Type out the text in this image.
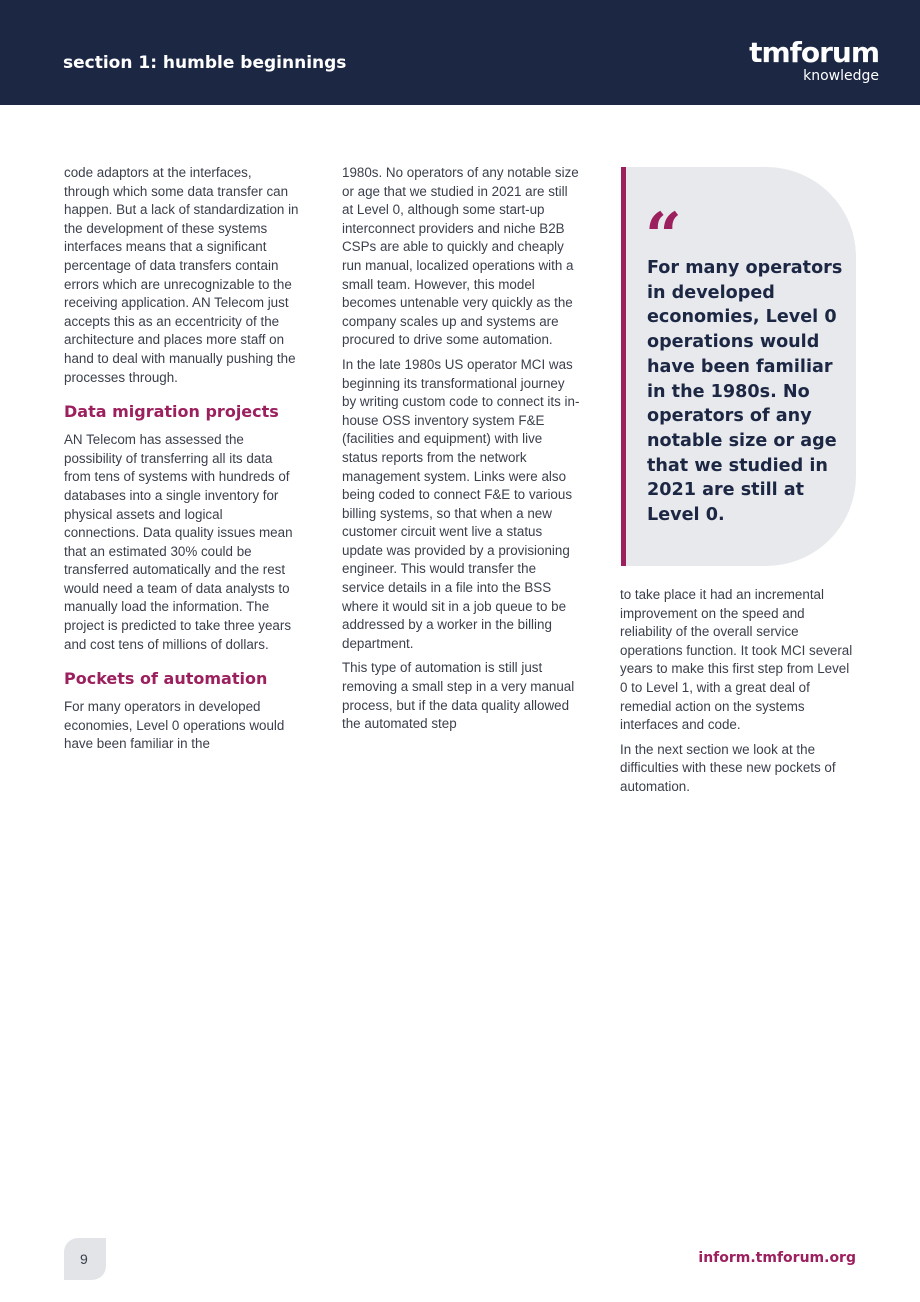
section 1: humble beginnings	tmforum
knowledge

code adaptors at the interfaces, through which some data transfer can happen. But a lack of standardization in the development of these systems interfaces means that a significant percentage of data transfers contain errors which are unrecognizable to the receiving application. AN Telecom just accepts this as an eccentricity of the architecture and places more staff on hand to deal with manually pushing the processes through.

Data migration projects

AN Telecom has assessed the possibility of transferring all its data from tens of systems with hundreds of databases into a single inventory for physical assets and logical connections. Data quality issues mean that an estimated 30% could be transferred automatically and the rest would need a team of data analysts to manually load the information. The project is predicted to take three years and cost tens of millions of dollars.

Pockets of automation

For many operators in developed economies, Level 0 operations would have been familiar in the

1980s. No operators of any notable size or age that we studied in 2021 are still at Level 0, although some start-up interconnect providers and niche B2B CSPs are able to quickly and cheaply run manual, localized operations with a small team. However, this model becomes untenable very quickly as the company scales up and systems are procured to drive some automation.

In the late 1980s US operator MCI was beginning its transformational journey by writing custom code to connect its in-house OSS inventory system F&E (facilities and equipment) with live status reports from the network management system. Links were also being coded to connect F&E to various billing systems, so that when a new customer circuit went live a status update was provided by a provisioning engineer. This would transfer the service details in a file into the BSS where it would sit in a job queue to be addressed by a worker in the billing department.

This type of automation is still just removing a small step in a very manual process, but if the data quality allowed the automated step

“
For many operators in developed economies, Level 0 operations would have been familiar in the 1980s. No operators of any notable size or age that we studied in 2021 are still at Level 0.

to take place it had an incremental improvement on the speed and reliability of the overall service operations function. It took MCI several years to make this first step from Level 0 to Level 1, with a great deal of remedial action on the systems interfaces and code.

In the next section we look at the difficulties with these new pockets of automation.

9	inform.tmforum.org
